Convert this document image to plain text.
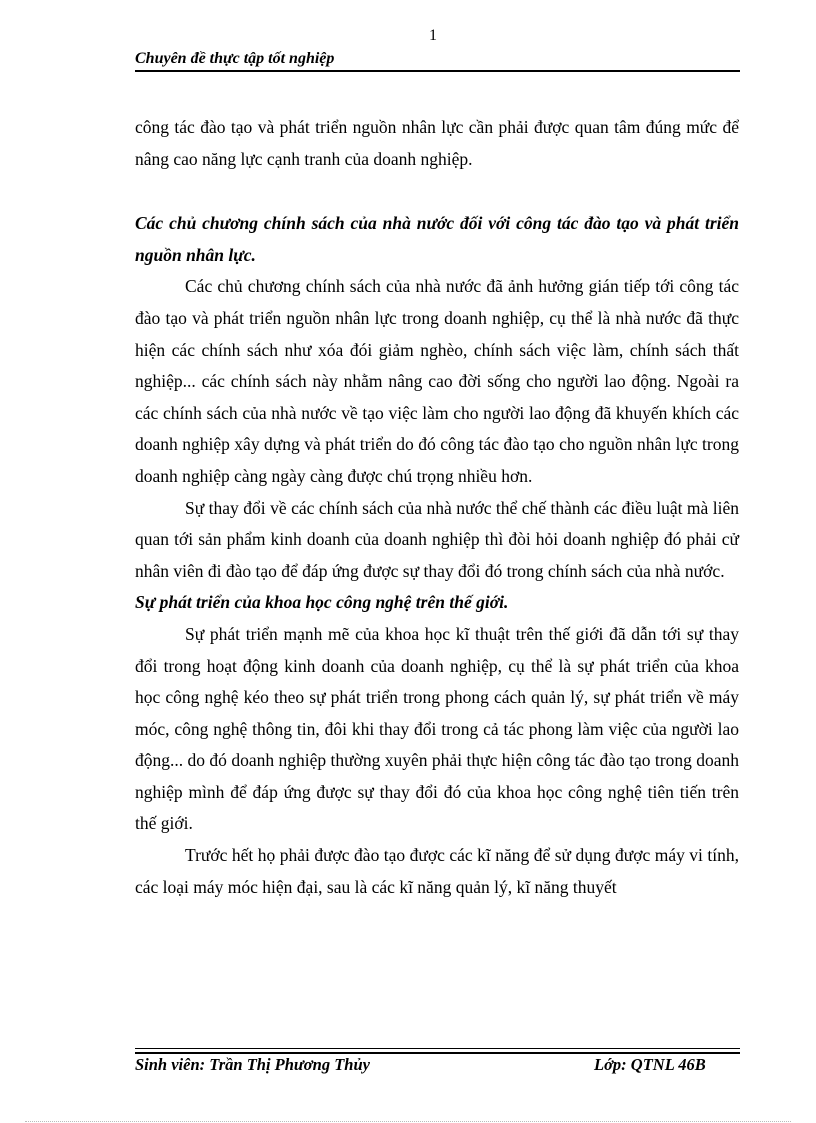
1
Chuyên đề thực tập tốt nghiệp

công tác đào tạo và phát triển nguồn nhân lực cần phải được quan tâm đúng mức để nâng cao năng lực cạnh tranh của doanh nghiệp.

Các chủ chương chính sách của nhà nước đối với công tác đào tạo và phát triển nguồn nhân lực.

Các chủ chương chính sách của nhà nước đã ảnh hưởng gián tiếp tới công tác đào tạo và phát triển nguồn nhân lực trong doanh nghiệp, cụ thể là nhà nước đã thực hiện các chính sách như xóa đói giảm nghèo, chính sách việc làm, chính sách thất nghiệp... các chính sách này nhằm nâng cao đời sống cho người lao động. Ngoài ra các chính sách của nhà nước về tạo việc làm cho người lao động đã khuyến khích các doanh nghiệp xây dựng và phát triển do đó công tác đào tạo cho nguồn nhân lực trong doanh nghiệp càng ngày càng được chú trọng nhiều hơn.

Sự thay đổi về các chính sách của nhà nước thể chế thành các điều luật mà liên quan tới sản phẩm kinh doanh của doanh nghiệp thì đòi hỏi doanh nghiệp đó phải cử nhân viên đi đào tạo để đáp ứng được sự thay đổi đó trong chính sách của nhà nước.

Sự phát triển của khoa học công nghệ trên thế giới.

Sự phát triển mạnh mẽ của khoa học kĩ thuật trên thế giới đã dẫn tới sự thay đổi trong hoạt động kinh doanh của doanh nghiệp, cụ thể là sự phát triển của khoa học công nghệ kéo theo sự phát triển trong phong cách quản lý, sự phát triển về máy móc, công nghệ thông tin, đôi khi thay đổi trong cả tác phong làm việc của người lao động... do đó doanh nghiệp thường xuyên phải thực hiện công tác đào tạo trong doanh nghiệp mình để đáp ứng được sự thay đổi đó của khoa học công nghệ tiên tiến trên thế giới.

Trước hết họ phải được đào tạo được các kĩ năng để sử dụng được máy vi tính, các loại máy móc hiện đại, sau là các kĩ năng quản lý, kĩ năng thuyết

Sinh viên: Trần Thị Phương Thủy	Lớp: QTNL 46B
